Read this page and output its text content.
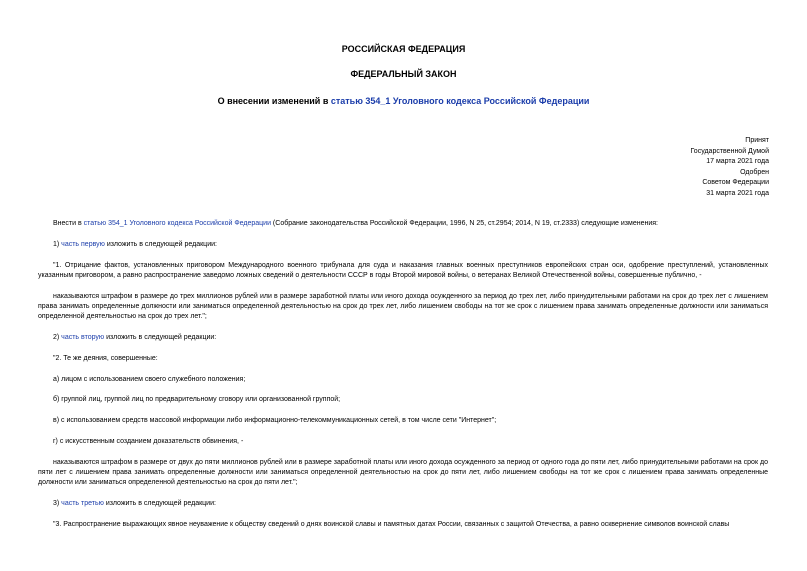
РОССИЙСКАЯ ФЕДЕРАЦИЯ
ФЕДЕРАЛЬНЫЙ ЗАКОН
О внесении изменений в статью 354_1 Уголовного кодекса Российской Федерации
Принят
Государственной Думой
17 марта 2021 года
Одобрен
Советом Федерации
31 марта 2021 года

Внести в статью 354_1 Уголовного кодекса Российской Федерации (Собрание законодательства Российской Федерации, 1996, N 25, ст.2954; 2014, N 19, ст.2333) следующие изменения:

1) часть первую изложить в следующей редакции:

"1. Отрицание фактов, установленных приговором Международного военного трибунала для суда и наказания главных военных преступников европейских стран оси, одобрение преступлений, установленных указанным приговором, а равно распространение заведомо ложных сведений о деятельности СССР в годы Второй мировой войны, о ветеранах Великой Отечественной войны, совершенные публично, -

наказываются штрафом в размере до трех миллионов рублей или в размере заработной платы или иного дохода осужденного за период до трех лет, либо принудительными работами на срок до трех лет с лишением права занимать определенные должности или заниматься определенной деятельностью на срок до трех лет, либо лишением свободы на тот же срок с лишением права занимать определенные должности или заниматься определенной деятельностью на срок до трех лет.";

2) часть вторую изложить в следующей редакции:

"2. Те же деяния, совершенные:

а) лицом с использованием своего служебного положения;

б) группой лиц, группой лиц по предварительному сговору или организованной группой;

в) с использованием средств массовой информации либо информационно-телекоммуникационных сетей, в том числе сети "Интернет";

г) с искусственным созданием доказательств обвинения, -

наказываются штрафом в размере от двух до пяти миллионов рублей или в размере заработной платы или иного дохода осужденного за период от одного года до пяти лет, либо принудительными работами на срок до пяти лет с лишением права занимать определенные должности или заниматься определенной деятельностью на срок до пяти лет, либо лишением свободы на тот же срок с лишением права занимать определенные должности или заниматься определенной деятельностью на срок до пяти лет.";

3) часть третью изложить в следующей редакции:

"3. Распространение выражающих явное неуважение к обществу сведений о днях воинской славы и памятных датах России, связанных с защитой Отечества, а равно осквернение символов воинской славы
